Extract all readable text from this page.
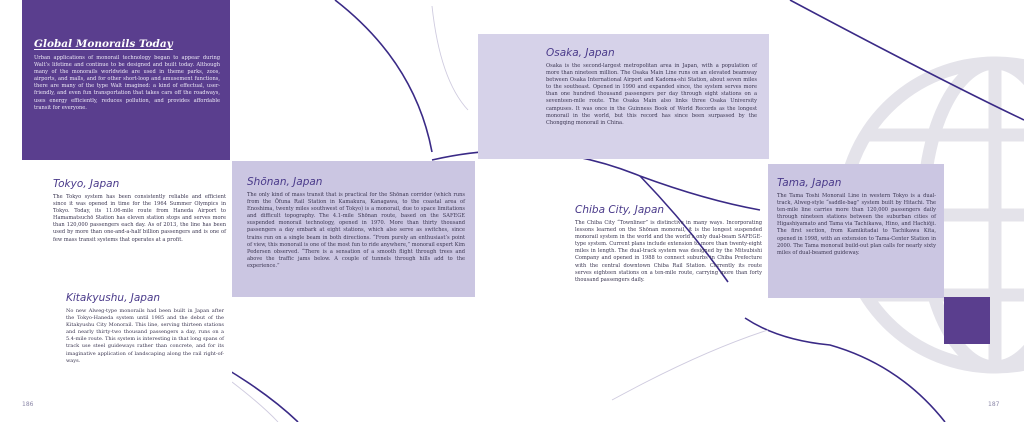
Global Monorails Today

Urban applications of monorail technology began to appear during Walt’s lifetime and continue to be designed and built today. Although many of the monorails worldwide are used in theme parks, zoos, airports, and malls, and for other short-loop and amusement functions, there are many of the type Walt imagined: a kind of effectual, user-friendly, and even fun transportation that takes cars off the roadways, uses energy efficiently, reduces pollution, and provides affordable transit for everyone.

Tokyo, Japan

The Tokyo system has been consistently reliable and efficient since it was opened in time for the 1964 Summer Olympics in Tokyo. Today, its 11.06-mile route from Haneda Airport to Hamamatsuchō Station has eleven station stops and serves more than 120,000 passengers each day. As of 2013, the line has been used by more than one-and-a-half billion passengers and is one of few mass transit systems that operates at a profit.

Kitakyushu, Japan

No new Alweg-type monorails had been built in Japan after the Tokyo-Haneda system until 1985 and the debut of the Kitakyushu City Monorail. This line, serving thirteen stations and nearly thirty-two thousand passengers a day, runs on a 5.4-mile route. This system is interesting in that long spans of track use steel guideways rather than concrete, and for its imaginative application of landscaping along the rail right-of-ways.

Shōnan, Japan

The only kind of mass transit that is practical for the Shōnan corridor (which runs from the Ōfuna Rail Station in Kamakura, Kanagawa, to the coastal area of Enoshima, twenty miles southwest of Tokyo) is a monorail, due to space limitations and difficult topography. The 4.1-mile Shōnan route, based on the SAFEGE suspended monorail technology, opened in 1970. More than thirty thousand passengers a day embark at eight stations, which also serve as switches, since trains run on a single beam in both directions. “From purely an enthusiast’s point of view, this monorail is one of the most fun to ride anywhere,” monorail expert Kim Pedersen observed. “There is a sensation of a smooth flight through trees and above the traffic jams below. A couple of tunnels through hills add to the experience.”

Osaka, Japan

Osaka is the second-largest metropolitan area in Japan, with a population of more than nineteen million. The Osaka Main Line runs on an elevated beamway between Osaka International Airport and Kadoma-shi Station, about seven miles to the southeast. Opened in 1990 and expanded since, the system serves more than one hundred thousand passengers per day through eight stations on a seventeen-mile route. The Osaka Main also links three Osaka University campuses. It was once in the Guinness Book of World Records as the longest monorail in the world, but this record has since been surpassed by the Chongqing monorail in China.

Chiba City, Japan

The Chiba City “Townliner” is distinctive in many ways. Incorporating lessons learned on the Shōnan monorail, it is the longest suspended monorail system in the world and the world’s only dual-beam SAFEGE-type system. Current plans include extension to more than twenty-eight miles in length. The dual-track system was designed by the Mitsubishi Company and opened in 1988 to connect suburbs in Chiba Prefecture with the central downtown Chiba Rail Station. Currently its route serves eighteen stations on a ten-mile route, carrying more than forty thousand passengers daily.

Tama, Japan

The Tama Toshi Monorail Line in western Tokyo is a dual-track, Alweg-style “saddle-bag” system built by Hitachi. The ten-mile line carries more than 120,000 passengers daily through nineteen stations between the suburban cities of Higashiyamato and Tama via Tachikawa, Hino, and Hachiōji. The first section, from Kamikitadai to Tachikawa Kita, opened in 1998, with an extension to Tama-Center Station in 2000. The Tama monorail build-out plan calls for nearly sixty miles of dual-beamed guideway.

186	187
